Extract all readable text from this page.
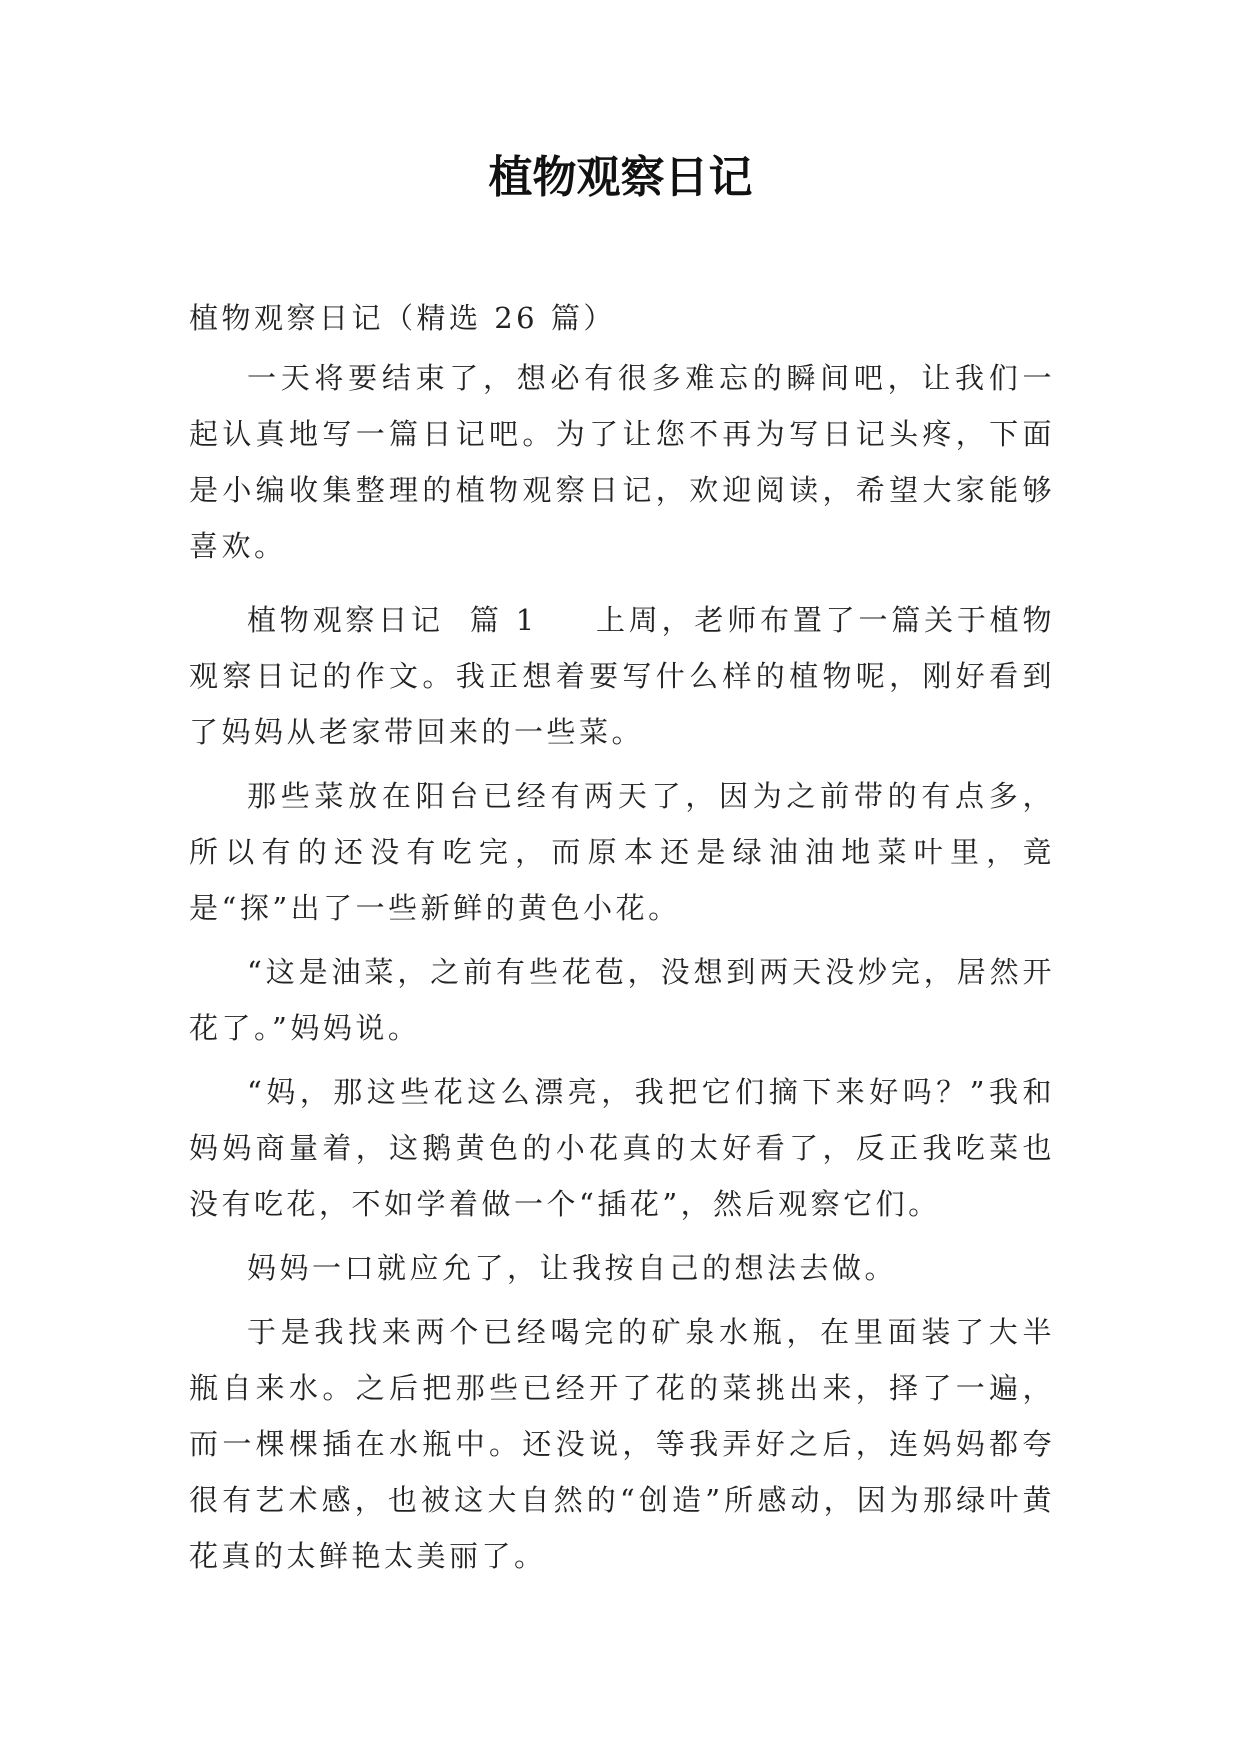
植物观察日记

植物观察日记（精选 26 篇）

一天将要结束了，想必有很多难忘的瞬间吧，让我们一起认真地写一篇日记吧。为了让您不再为写日记头疼，下面是小编收集整理的植物观察日记，欢迎阅读，希望大家能够喜欢。

植物观察日记  篇 1 上周，老师布置了一篇关于植物观察日记的作文。我正想着要写什么样的植物呢，刚好看到了妈妈从老家带回来的一些菜。

那些菜放在阳台已经有两天了，因为之前带的有点多，所以有的还没有吃完，而原本还是绿油油地菜叶里，竟是“探”出了一些新鲜的黄色小花。

“这是油菜，之前有些花苞，没想到两天没炒完，居然开花了。”妈妈说。

“妈，那这些花这么漂亮，我把它们摘下来好吗？”我和妈妈商量着，这鹅黄色的小花真的太好看了，反正我吃菜也没有吃花，不如学着做一个“插花”，然后观察它们。

妈妈一口就应允了，让我按自己的想法去做。

于是我找来两个已经喝完的矿泉水瓶，在里面装了大半瓶自来水。之后把那些已经开了花的菜挑出来，择了一遍，而一棵棵插在水瓶中。还没说，等我弄好之后，连妈妈都夸很有艺术感，也被这大自然的“创造”所感动，因为那绿叶黄花真的太鲜艳太美丽了。
